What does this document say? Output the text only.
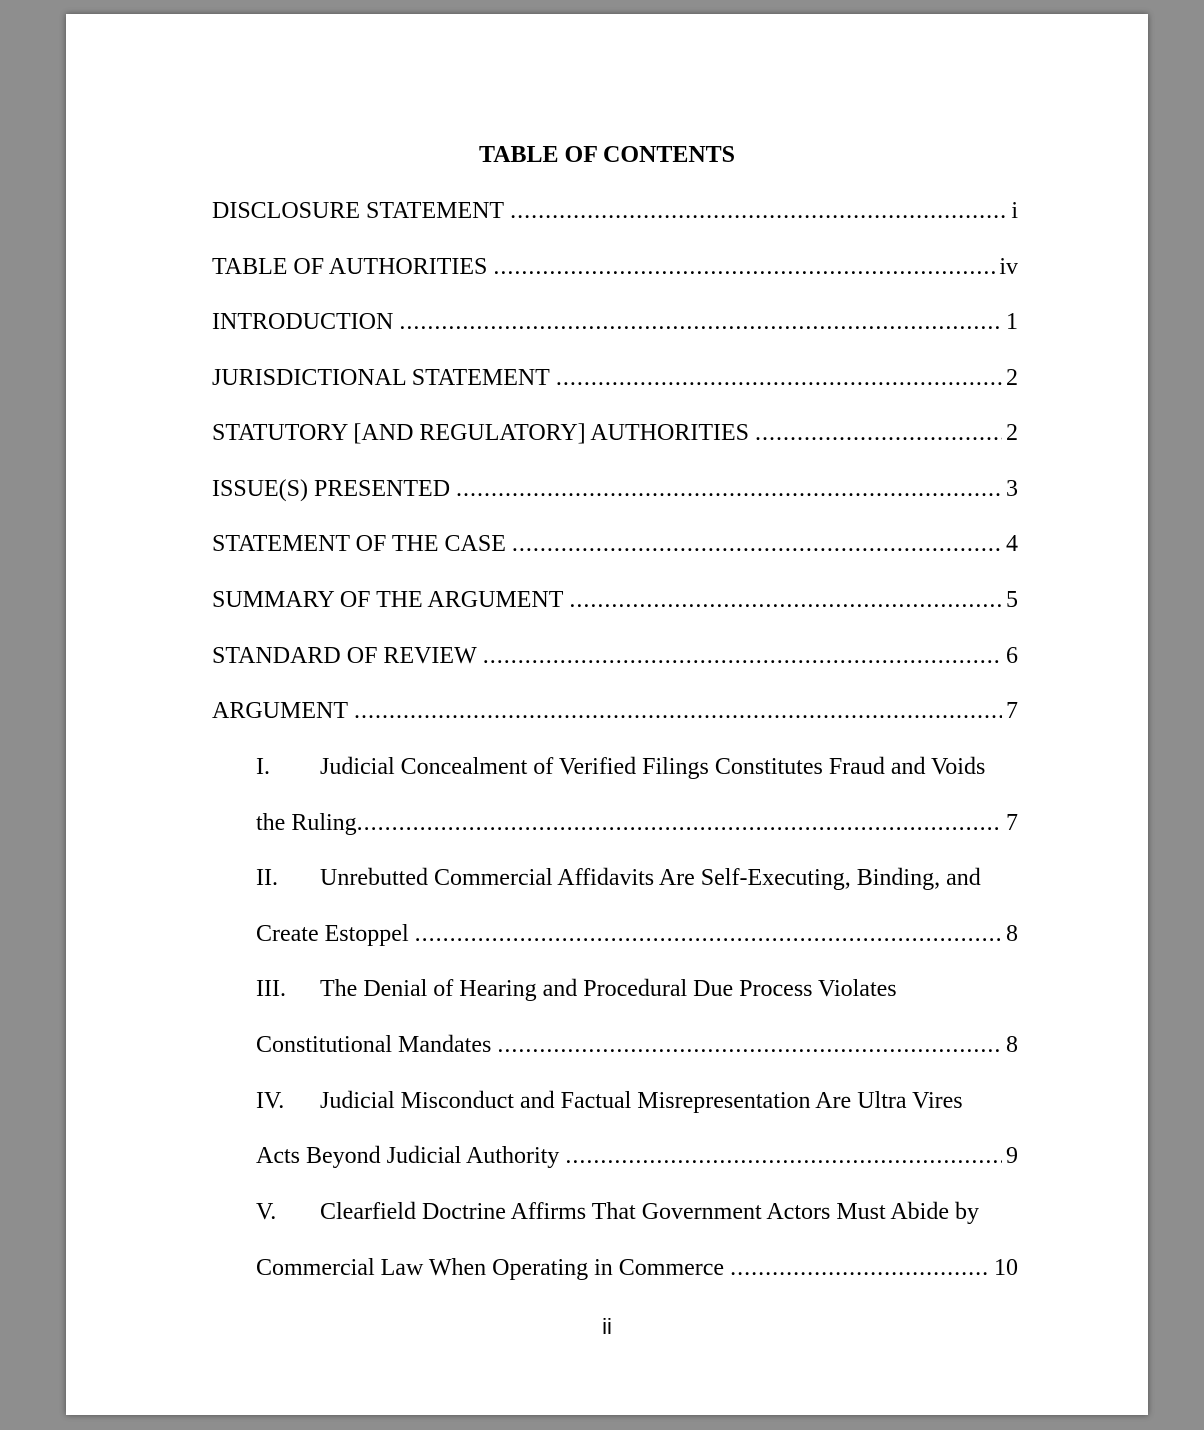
TABLE OF CONTENTS
DISCLOSURE STATEMENT .....	i
TABLE OF AUTHORITIES .....	iv
INTRODUCTION .....	1
JURISDICTIONAL STATEMENT .....	2
STATUTORY [AND REGULATORY] AUTHORITIES .....	2
ISSUE(S) PRESENTED .....	3
STATEMENT OF THE CASE .....	4
SUMMARY OF THE ARGUMENT .....	5
STANDARD OF REVIEW .....	6
ARGUMENT .....	7
I. Judicial Concealment of Verified Filings Constitutes Fraud and Voids
the Ruling .....	7
II. Unrebutted Commercial Affidavits Are Self-Executing, Binding, and
Create Estoppel .....	8
III. The Denial of Hearing and Procedural Due Process Violates
Constitutional Mandates .....	8
IV. Judicial Misconduct and Factual Misrepresentation Are Ultra Vires
Acts Beyond Judicial Authority .....	9
V. Clearfield Doctrine Affirms That Government Actors Must Abide by
Commercial Law When Operating in Commerce .....	10
ii
